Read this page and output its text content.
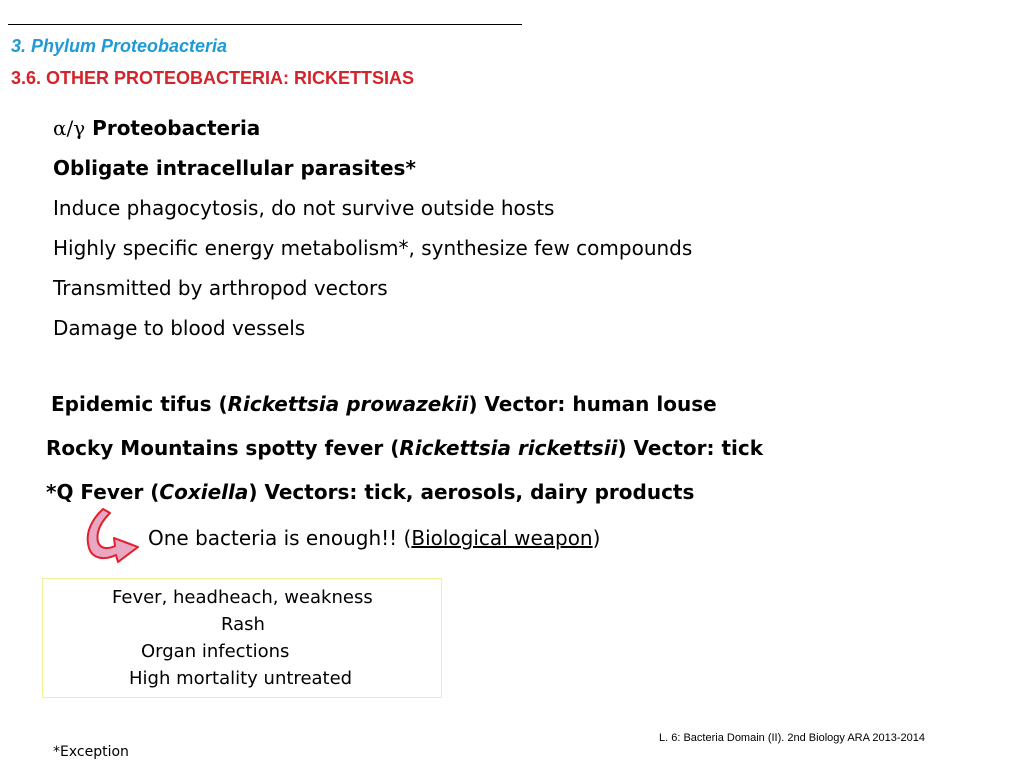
3. Phylum Proteobacteria
3.6. OTHER PROTEOBACTERIA: RICKETTSIAS
α/γ Proteobacteria
Obligate intracellular parasites*
Induce phagocytosis, do not survive outside hosts
Highly specific energy metabolism*, synthesize few compounds
Transmitted by arthropod vectors
Damage to blood vessels
Epidemic tifus (Rickettsia prowazekii) Vector: human louse
Rocky Mountains spotty fever (Rickettsia rickettsii) Vector: tick
*Q Fever (Coxiella) Vectors: tick, aerosols, dairy products
One bacteria is enough!! (Biological weapon)
Fever, headheach, weakness
Rash
Organ infections
High mortality untreated
L. 6: Bacteria Domain (II). 2nd Biology ARA 2013-2014
*Exception
